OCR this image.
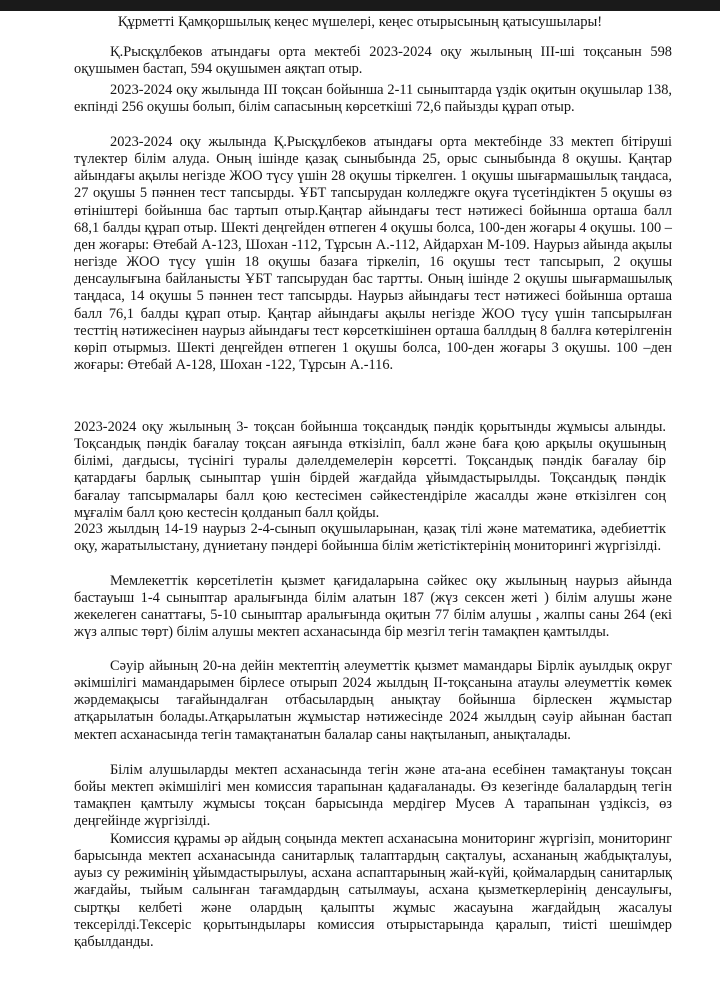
Құрметті Қамқоршылық кеңес мүшелері, кеңес отырысының қатысушылары!

Қ.Рысқұлбеков атындағы орта мектебі 2023-2024 оқу жылының ІІІ-ші тоқсанын 598 оқушымен бастап, 594 оқушымен аяқтап отыр.

2023-2024 оқу жылында ІІІ тоқсан бойынша 2-11 сыныптарда үздік оқитын оқушылар 138, екпінді 256 оқушы болып, білім сапасының көрсеткіші 72,6 пайызды құрап отыр.

2023-2024 оқу жылында Қ.Рысқұлбеков атындағы орта мектебінде 33 мектеп бітіруші түлектер білім алуда. Оның ішінде қазақ сыныбында 25, орыс сыныбында 8 оқушы. Қаңтар айындағы ақылы негізде ЖОО түсу үшін 28 оқушы тіркелген. 1 оқушы шығармашылық таңдаса, 27 оқушы 5 пәннен тест тапсырды. ҰБТ тапсырудан колледжге оқуға түсетіндіктен 5 оқушы өз өтініштері бойынша бас тартып отыр.Қаңтар айындағы тест нәтижесі бойынша орташа балл 68,1 балды құрап отыр. Шекті деңгейден өтпеген 4 оқушы болса, 100-ден жоғары 4 оқушы. 100 –ден жоғары: Өтебай А-123, Шохан -112, Тұрсын А.-112, Айдархан М-109. Наурыз айында ақылы негізде ЖОО түсу үшін 18 оқушы базаға тіркеліп, 16 оқушы тест тапсырып, 2 оқушы денсаулығына байланысты ҰБТ тапсырудан бас тартты. Оның ішінде 2 оқушы шығармашылық таңдаса, 14 оқушы 5 пәннен тест тапсырды. Наурыз айындағы тест нәтижесі бойынша орташа балл 76,1 балды құрап отыр. Қаңтар айындағы ақылы негізде ЖОО түсу үшін тапсырылған тесттің нәтижесінен наурыз айындағы тест көрсеткішінен орташа баллдың 8 баллға көтерілгенін көріп отырмыз. Шекті деңгейден өтпеген 1 оқушы болса, 100-ден жоғары 3 оқушы. 100 –ден жоғары: Өтебай А-128, Шохан -122, Тұрсын А.-116.

2023-2024 оқу жылының 3- тоқсан бойынша тоқсандық пәндік қорытынды жұмысы алынды. Тоқсандық пәндік бағалау тоқсан аяғында өткізіліп, балл және баға қою арқылы оқушының білімі, дағдысы, түсінігі туралы дәлелдемелерін көрсетті. Тоқсандық пәндік бағалау бір қатардағы барлық сыныптар үшін бірдей жағдайда ұйымдастырылды. Тоқсандық пәндік бағалау тапсырмалары балл қою кестесімен сәйкестендіріле жасалды және өткізілген соң мұғалім балл қою кестесін қолданып балл қойды.

2023 жылдың 14-19 наурыз 2-4-сынып оқушыларынан, қазақ тілі және математика, әдебиеттік оқу, жаратылыстану, дүниетану пәндері бойынша білім жетістіктерінің мониторингі жүргізілді.

Мемлекеттік көрсетілетін қызмет қағидаларына сәйкес оқу жылының наурыз айында бастауыш 1-4 сыныптар аралығында білім алатын 187 (жүз сексен жеті ) білім алушы және жекелеген санаттағы, 5-10 сыныптар аралығында оқитын 77 білім алушы , жалпы саны 264 (екі жүз алпыс төрт) білім алушы мектеп асханасында бір мезгіл тегін тамақпен қамтылды.

Сәуір айының 20-на дейін мектептің әлеуметтік қызмет мамандары Бірлік ауылдық округ әкімшілігі мамандарымен бірлесе отырып 2024 жылдың ІІ-тоқсанына атаулы әлеуметтік көмек жәрдемақысы тағайындалған отбасылардың анықтау бойынша бірлескен жұмыстар атқарылатын болады.Атқарылатын жұмыстар нәтижесінде 2024 жылдың сәуір айынан бастап мектеп асханасында тегін тамақтанатын балалар саны нақтыланып, анықталады.

Білім алушыларды мектеп асханасында тегін және ата-ана есебінен тамақтануы тоқсан бойы мектеп әкімшілігі мен комиссия тарапынан қадағаланады. Өз кезегінде балалардың тегін тамақпен қамтылу жұмысы тоқсан барысында мердігер Мусев А тарапынан үздіксіз, өз деңгейінде жүргізілді.

Комиссия құрамы әр айдың соңында мектеп асханасына мониторинг жүргізіп, мониторинг барысында мектеп асханасында санитарлық талаптардың сақталуы, асхананың жабдықталуы, ауыз су режимінің ұйымдастырылуы, асхана аспаптарының жай-күйі, қоймалардың санитарлық жағдайы, тыйым салынған тағамдардың сатылмауы, асхана қызметкерлерінің денсаулығы, сыртқы келбеті және олардың қалыпты жұмыс жасауына жағдайдың жасалуы тексерілді.Тексеріс қорытындылары комиссия отырыстарында қаралып, тиісті шешімдер қабылданды.
